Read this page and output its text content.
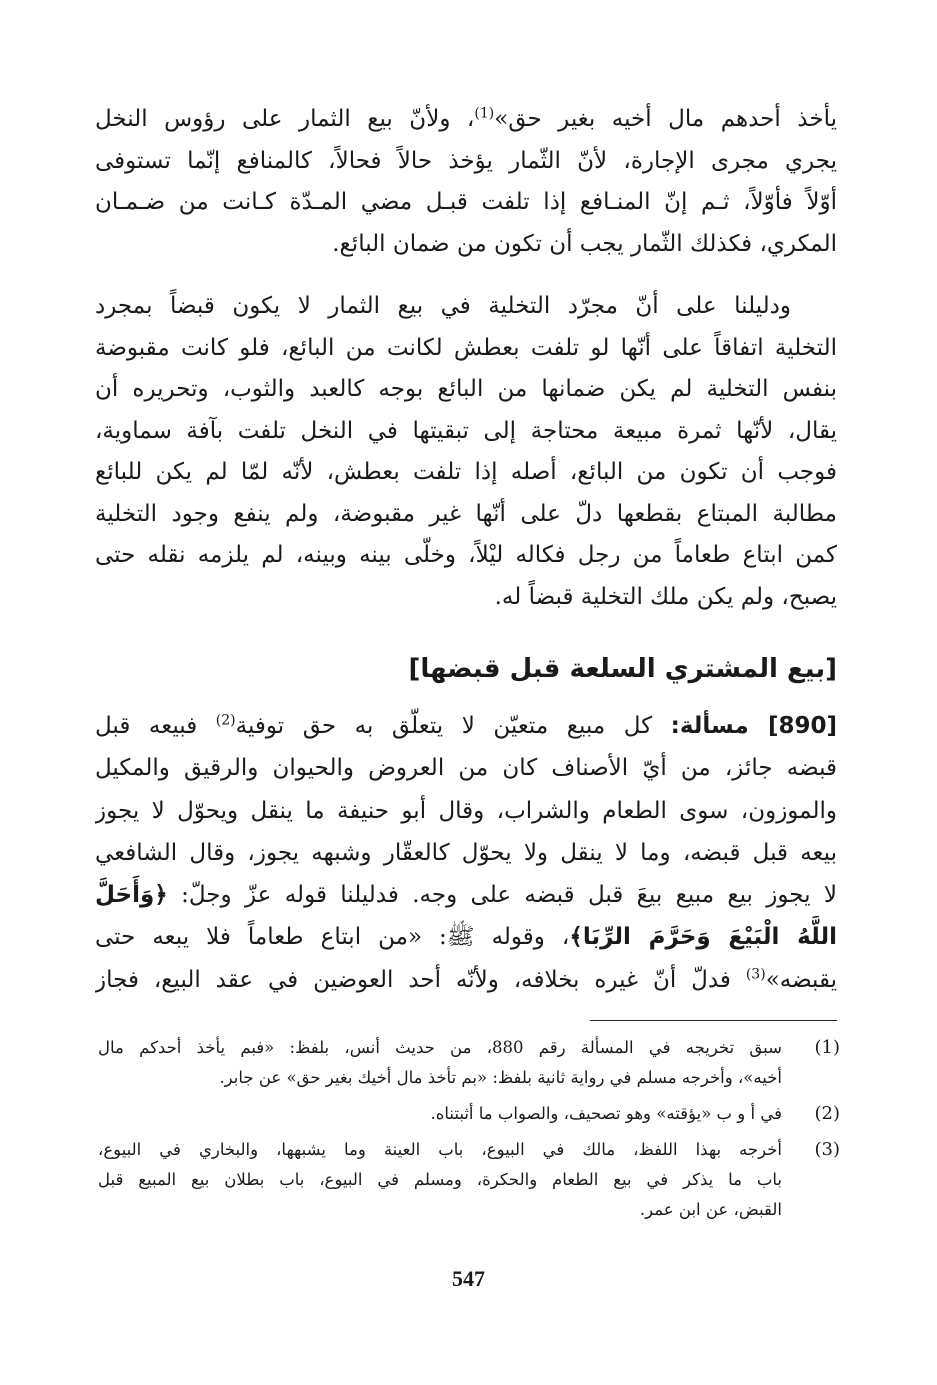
يأخذ أحدهم مال أخيه بغير حق»$^{(1)}$، ولأنّ بيع الثمار على رؤوس النخل
يجري مجرى الإجارة، لأنّ الثّمار يؤخذ حالاً فحالاً، كالمنافع إنّما تستوفى
أوّلاً فأوّلاً، ثـم إنّ المنـافع إذا تلفت قبـل مضي المـدّة كـانت من ضـمـان
المكري، فكذلك الثّمار يجب أن تكون من ضمان البائع.
ودليلنا على أنّ مجرّد التخلية في بيع الثمار لا يكون قبضاً بمجرد
التخلية اتفاقاً على أنّها لو تلفت بعطش لكانت من البائع، فلو كانت مقبوضة
بنفس التخلية لم يكن ضمانها من البائع بوجه كالعبد والثوب، وتحريره أن
يقال، لأنّها ثمرة مبيعة محتاجة إلى تبقيتها في النخل تلفت بآفة سماوية،
فوجب أن تكون من البائع، أصله إذا تلفت بعطش، لأنّه لمّا لم يكن للبائع
مطالبة المبتاع بقطعها دلّ على أنّها غير مقبوضة، ولم ينفع وجود التخلية
كمن ابتاع طعاماً من رجل فكاله ليْلاً، وخلّى بينه وبينه، لم يلزمه نقله حتى
يصبح، ولم يكن ملك التخلية قبضاً له.
[بيع المشتري السلعة قبل قبضها]
[890] مسألة: كل مبيع متعيّن لا يتعلّق به حق توفية$^{(2)}$ فبيعه قبل
قبضه جائز، من أيّ الأصناف كان من العروض والحيوان والرقيق والمكيل
والموزون، سوى الطعام والشراب، وقال أبو حنيفة ما ينقل ويحوّل لا يجوز
بيعه قبل قبضه، وما لا ينقل ولا يحوّل كالعقّار وشبهه يجوز، وقال الشافعي
لا يجوز بيع مبيع بيعَ قبل قبضه على وجه. فدليلنا قوله عزّ وجلّ: ﴿وَأَحَلَّ
اللَّهُ الْبَيْعَ وَحَرَّمَ الرِّبَا﴾، وقوله ﷺ: «من ابتاع طعاماً فلا يبعه حتى
يقبضه»$^{(3)}$ فدلّ أنّ غيره بخلافه، ولأنّه أحد العوضين في عقد البيع، فجاز
(1)
سبق تخريجه في المسألة رقم 880، من حديث أنس، بلفظ: «فبم يأخذ أحدكم مال
أخيه»، وأخرجه مسلم في رواية ثانية بلفظ: «بم تأخذ مال أخيك بغير حق» عن جابر.
(2)
في أ و ب «يؤقته» وهو تصحيف، والصواب ما أثبتناه.
(3)
أخرجه بهذا اللفظ، مالك في البيوع، باب العينة وما يشبهها، والبخاري في البيوع،
باب ما يذكر في بيع الطعام والحكرة، ومسلم في البيوع، باب بطلان بيع المبيع قبل
القبض، عن ابن عمر.
547
